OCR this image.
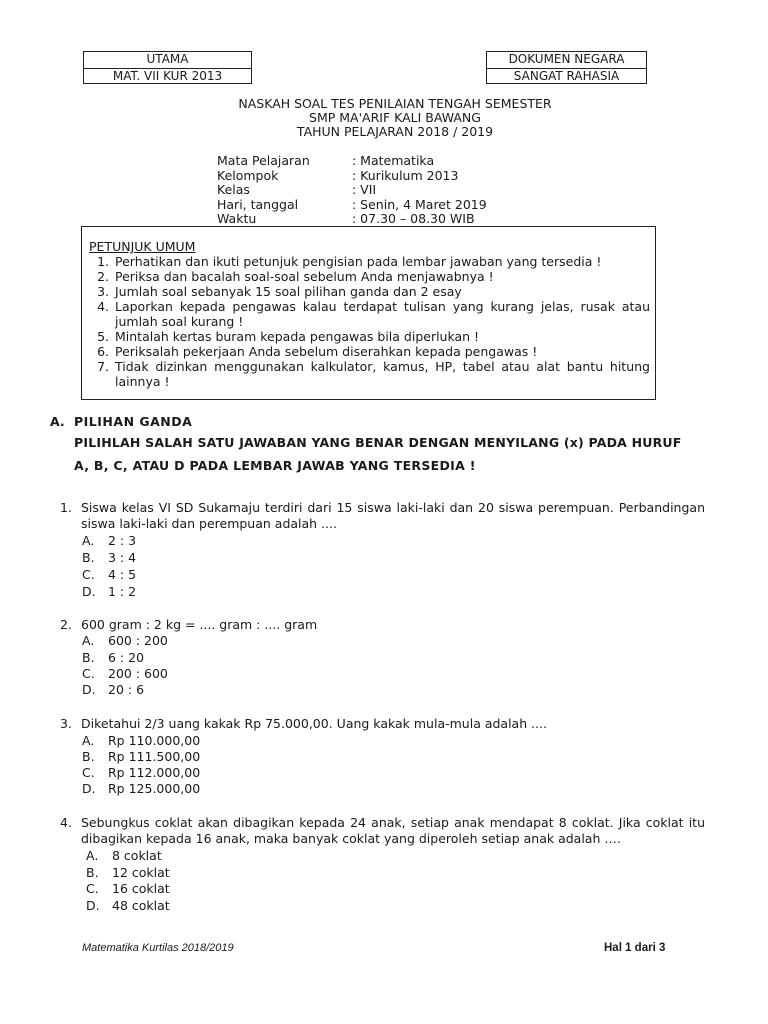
UTAMA
MAT. VII KUR 2013
DOKUMEN NEGARA
SANGAT RAHASIA
NASKAH SOAL TES PENILAIAN TENGAH SEMESTER
SMP MA'ARIF KALI BAWANG
TAHUN PELAJARAN 2018 / 2019
Mata Pelajaran	: Matematika
Kelompok	: Kurikulum 2013
Kelas	: VII
Hari, tanggal	: Senin, 4 Maret 2019
Waktu	: 07.30 – 08.30 WIB
PETUNJUK UMUM
1. Perhatikan dan ikuti petunjuk pengisian pada lembar jawaban yang tersedia !
2. Periksa dan bacalah soal-soal sebelum Anda menjawabnya !
3. Jumlah soal sebanyak 15 soal pilihan ganda dan 2 esay
4. Laporkan kepada pengawas kalau terdapat tulisan yang kurang jelas, rusak atau jumlah soal kurang !
5. Mintalah kertas buram kepada pengawas bila diperlukan !
6. Periksalah pekerjaan Anda sebelum diserahkan kepada pengawas !
7. Tidak dizinkan menggunakan kalkulator, kamus, HP, tabel atau alat bantu hitung lainnya !
A. PILIHAN GANDA
PILIHLAH SALAH SATU JAWABAN YANG BENAR DENGAN MENYILANG (x) PADA HURUF
A, B, C, ATAU D PADA LEMBAR JAWAB YANG TERSEDIA !
1. Siswa kelas VI SD Sukamaju terdiri dari 15 siswa laki-laki dan 20 siswa perempuan. Perbandingan siswa laki-laki dan perempuan adalah ....
A. 2 : 3
B. 3 : 4
C. 4 : 5
D. 1 : 2
2. 600 gram : 2 kg = .... gram : .... gram
A. 600 : 200
B. 6 : 20
C. 200 : 600
D. 20 : 6
3. Diketahui 2/3 uang kakak Rp 75.000,00. Uang kakak mula-mula adalah ....
A. Rp 110.000,00
B. Rp 111.500,00
C. Rp 112.000,00
D. Rp 125.000,00
4. Sebungkus coklat akan dibagikan kepada 24 anak, setiap anak mendapat 8 coklat. Jika coklat itu dibagikan kepada 16 anak, maka banyak coklat yang diperoleh setiap anak adalah ….
A. 8 coklat
B. 12 coklat
C. 16 coklat
D. 48 coklat
Matematika Kurtilas 2018/2019	Hal 1 dari 3
